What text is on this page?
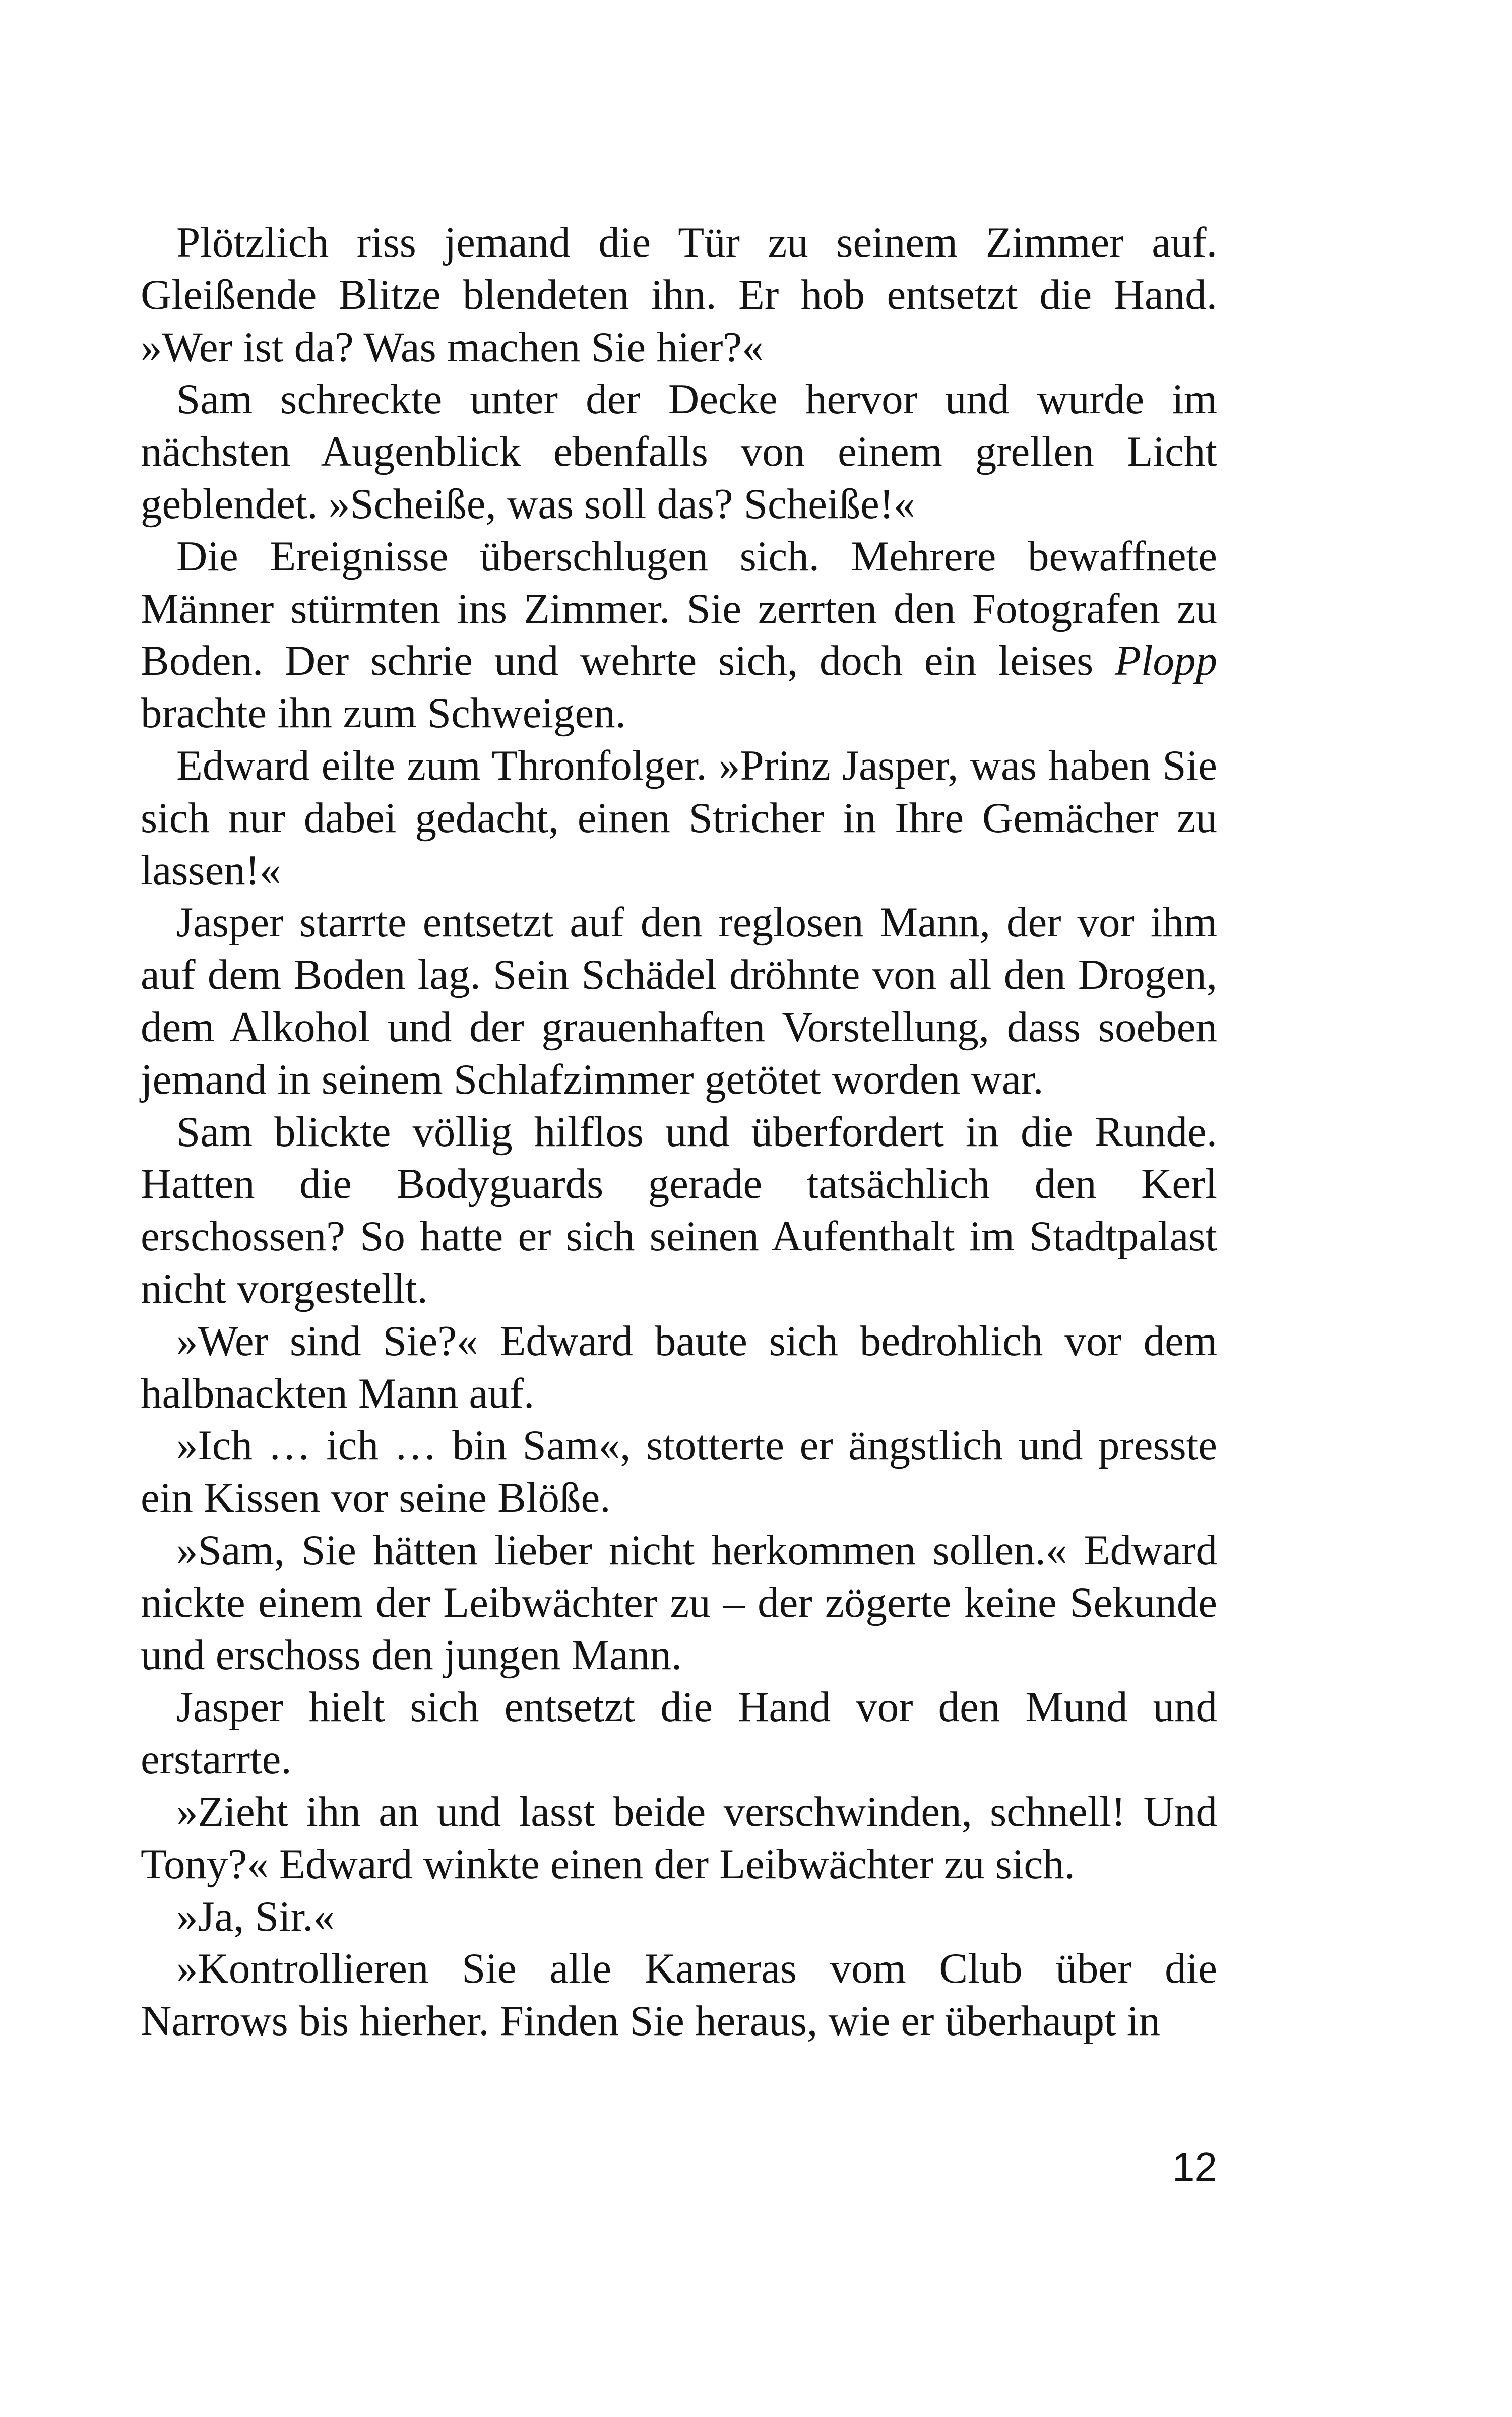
Plötzlich riss jemand die Tür zu seinem Zimmer auf. Gleißende Blitze blendeten ihn. Er hob entsetzt die Hand. »Wer ist da? Was machen Sie hier?«

Sam schreckte unter der Decke hervor und wurde im nächsten Augenblick ebenfalls von einem grellen Licht geblendet. »Scheiße, was soll das? Scheiße!«

Die Ereignisse überschlugen sich. Mehrere bewaffnete Männer stürmten ins Zimmer. Sie zerrten den Fotografen zu Boden. Der schrie und wehrte sich, doch ein leises Plopp brachte ihn zum Schweigen.

Edward eilte zum Thronfolger. »Prinz Jasper, was haben Sie sich nur dabei gedacht, einen Stricher in Ihre Gemächer zu lassen!«

Jasper starrte entsetzt auf den reglosen Mann, der vor ihm auf dem Boden lag. Sein Schädel dröhnte von all den Drogen, dem Alkohol und der grauenhaften Vorstellung, dass soeben jemand in seinem Schlafzimmer getötet worden war.

Sam blickte völlig hilflos und überfordert in die Runde. Hatten die Bodyguards gerade tatsächlich den Kerl erschossen? So hatte er sich seinen Aufenthalt im Stadtpalast nicht vorgestellt.

»Wer sind Sie?« Edward baute sich bedrohlich vor dem halbnackten Mann auf.

»Ich … ich … bin Sam«, stotterte er ängstlich und presste ein Kissen vor seine Blöße.

»Sam, Sie hätten lieber nicht herkommen sollen.« Edward nickte einem der Leibwächter zu – der zögerte keine Sekunde und erschoss den jungen Mann.

Jasper hielt sich entsetzt die Hand vor den Mund und erstarrte.

»Zieht ihn an und lasst beide verschwinden, schnell! Und Tony?« Edward winkte einen der Leibwächter zu sich.

»Ja, Sir.«

»Kontrollieren Sie alle Kameras vom Club über die Narrows bis hierher. Finden Sie heraus, wie er überhaupt in

12
